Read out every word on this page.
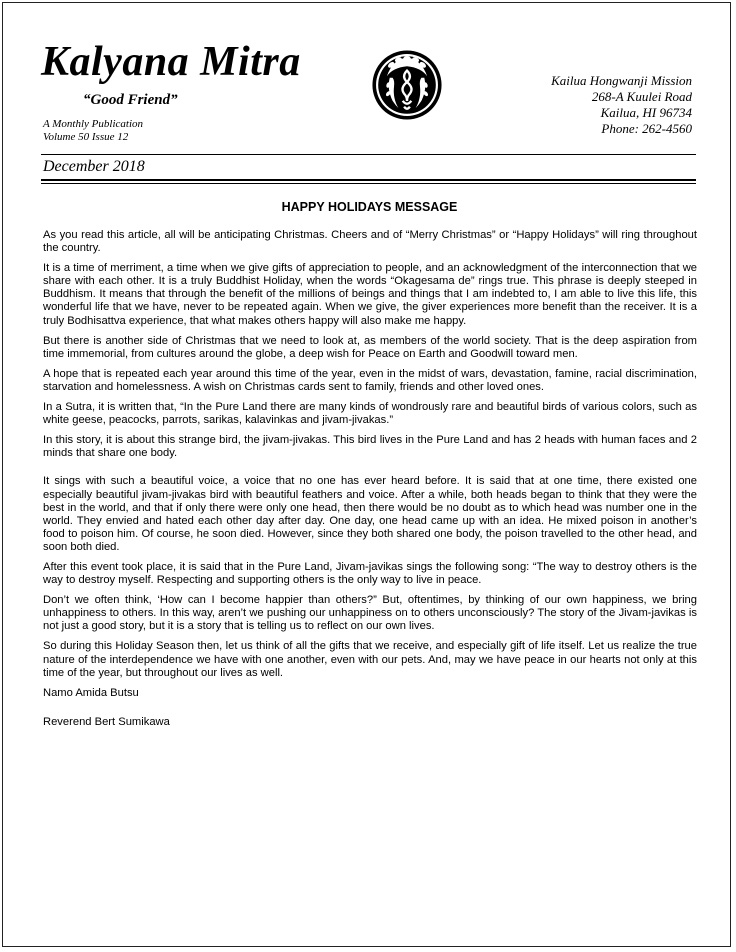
Kalyana Mitra
“Good Friend”
A Monthly Publication
Volume 50 Issue 12
Kailua Hongwanji Mission
268-A Kuulei Road
Kailua, HI 96734
Phone: 262-4560
December 2018
HAPPY HOLIDAYS MESSAGE

As you read this article, all will be anticipating Christmas. Cheers and of “Merry Christmas” or “Happy Holidays” will ring throughout the country.

It is a time of merriment, a time when we give gifts of appreciation to people, and an acknowledgment of the interconnection that we share with each other. It is a truly Buddhist Holiday, when the words “Okagesama de” rings true. This phrase is deeply steeped in Buddhism. It means that through the benefit of the millions of beings and things that I am indebted to, I am able to live this life, this wonderful life that we have, never to be repeated again. When we give, the giver experiences more benefit than the receiver. It is a truly Bodhisattva experience, that what makes others happy will also make me happy.

But there is another side of Christmas that we need to look at, as members of the world society. That is the deep aspiration from time immemorial, from cultures around the globe, a deep wish for Peace on Earth and Goodwill toward men.

A hope that is repeated each year around this time of the year, even in the midst of wars, devastation, famine, racial discrimination, starvation and homelessness. A wish on Christmas cards sent to family, friends and other loved ones.

In a Sutra, it is written that, “In the Pure Land there are many kinds of wondrously rare and beautiful birds of various colors, such as white geese, peacocks, parrots, sarikas, kalavinkas and jivam-jivakas.”

In this story, it is about this strange bird, the jivam-jivakas. This bird lives in the Pure Land and has 2 heads with human faces and 2 minds that share one body.

It sings with such a beautiful voice, a voice that no one has ever heard before. It is said that at one time, there existed one especially beautiful jivam-jivakas bird with beautiful feathers and voice. After a while, both heads began to think that they were the best in the world, and that if only there were only one head, then there would be no doubt as to which head was number one in the world. They envied and hated each other day after day. One day, one head came up with an idea. He mixed poison in another’s food to poison him. Of course, he soon died. However, since they both shared one body, the poison travelled to the other head, and soon both died.

After this event took place, it is said that in the Pure Land, Jivam-javikas sings the following song: “The way to destroy others is the way to destroy myself. Respecting and supporting others is the only way to live in peace.

Don’t we often think, ‘How can I become happier than others?” But, oftentimes, by thinking of our own happiness, we bring unhappiness to others. In this way, aren’t we pushing our unhappiness on to others unconsciously? The story of the Jivam-javikas is not just a good story, but it is a story that is telling us to reflect on our own lives.

So during this Holiday Season then, let us think of all the gifts that we receive, and especially gift of life itself. Let us realize the true nature of the interdependence we have with one another, even with our pets. And, may we have peace in our hearts not only at this time of the year, but throughout our lives as well.

Namo Amida Butsu

Reverend Bert Sumikawa
